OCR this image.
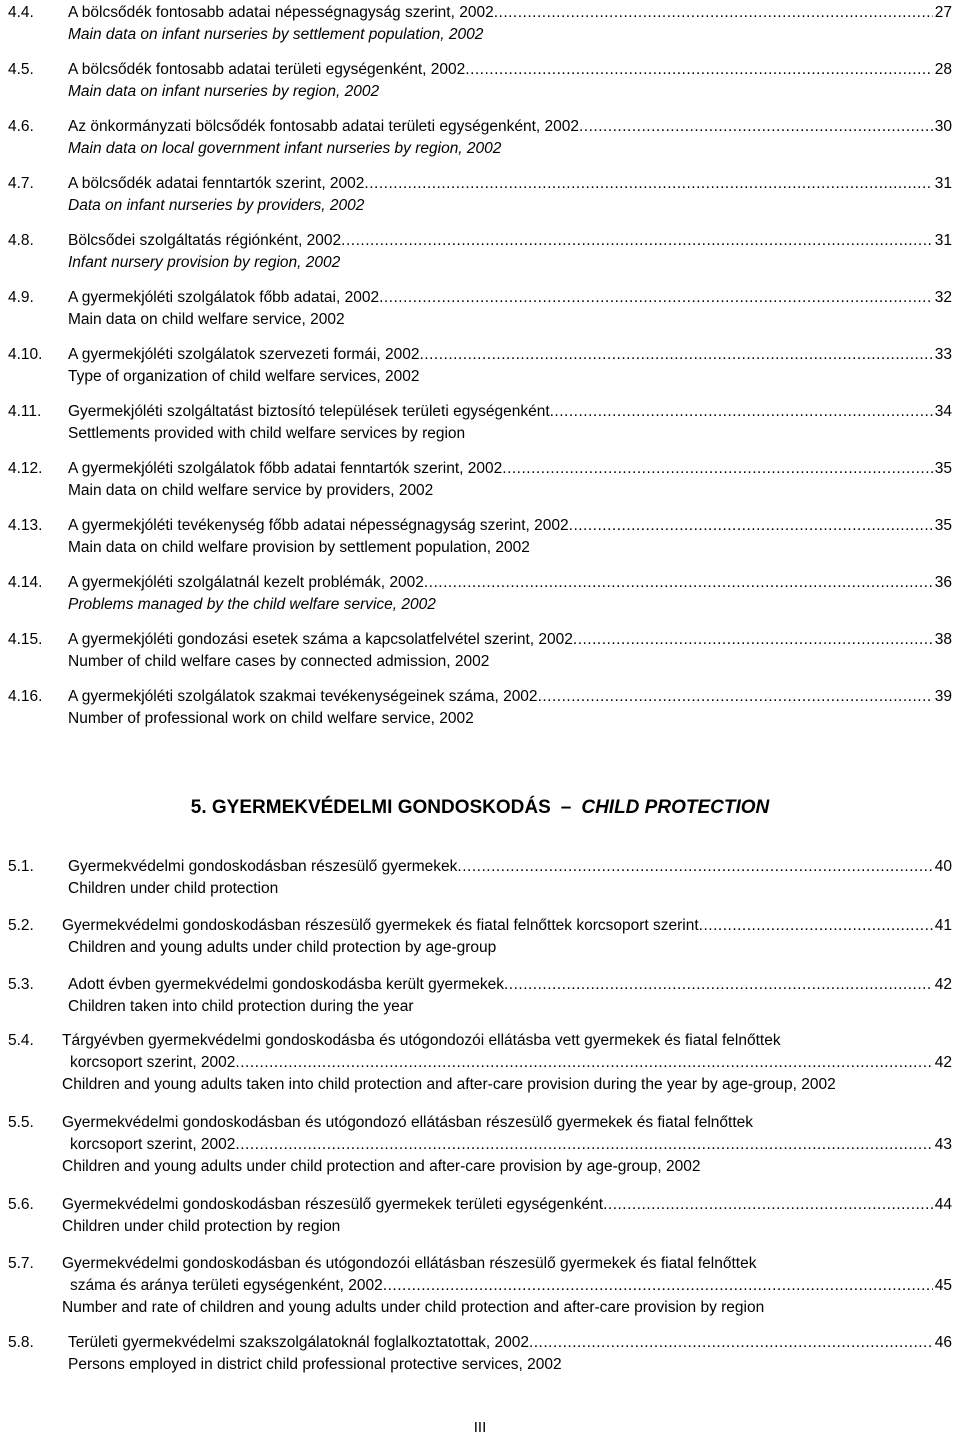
4.4. A bölcsődék fontosabb adatai népességnagyság szerint, 2002 .....	27
Main data on infant nurseries by settlement population, 2002
4.5. A bölcsődék fontosabb adatai területi egységenként, 2002 .....	28
Main data on infant nurseries by region, 2002
4.6. Az önkormányzati bölcsődék fontosabb adatai területi egységenként, 2002 .....	30
Main data on local government infant nurseries by region, 2002
4.7. A bölcsődék adatai fenntartók szerint, 2002 .....	31
Data on infant nurseries by providers, 2002
4.8. Bölcsődei szolgáltatás régiónként, 2002 .....	31
Infant nursery provision by region, 2002
4.9. A gyermekjóléti szolgálatok főbb adatai, 2002 .....	32
Main data on child welfare service, 2002
4.10. A gyermekjóléti szolgálatok szervezeti formái, 2002 .....	33
Type of organization of child welfare services, 2002
4.11. Gyermekjóléti szolgáltatást biztosító települések területi egységenként .....	34
Settlements provided with child welfare services by region
4.12. A gyermekjóléti szolgálatok főbb adatai fenntartók szerint, 2002 .....	35
Main data on child welfare service by providers, 2002
4.13. A gyermekjóléti tevékenység főbb adatai népességnagyság szerint, 2002 .....	35
Main data on child welfare provision by settlement population, 2002
4.14. A gyermekjóléti szolgálatnál kezelt problémák, 2002 .....	36
Problems managed by the child welfare service, 2002
4.15. A gyermekjóléti gondozási esetek száma a kapcsolatfelvétel szerint, 2002 .....	38
Number of child welfare cases by connected admission, 2002
4.16. A gyermekjóléti szolgálatok szakmai tevékenységeinek száma, 2002 .....	39
Number of professional work on child welfare service, 2002
5. GYERMEKVÉDELMI GONDOSKODÁS – CHILD PROTECTION
5.1. Gyermekvédelmi gondoskodásban részesülő gyermekek .....	40
Children under child protection
5.2. Gyermekvédelmi gondoskodásban részesülő gyermekek és fiatal felnőttek korcsoport szerint .....	41
Children and young adults under child protection by age-group
5.3. Adott évben gyermekvédelmi gondoskodásba került gyermekek .....	42
Children taken into child protection during the year
5.4. Tárgyévben gyermekvédelmi gondoskodásba és utógondozói ellátásba vett gyermekek és fiatal felnőttek
korcsoport szerint, 2002 .....	42
Children and young adults taken into child protection and after-care provision during the year by age-group, 2002
5.5. Gyermekvédelmi gondoskodásban és utógondozó ellátásban részesülő gyermekek és fiatal felnőttek
korcsoport szerint, 2002 .....	43
Children and young adults under child protection and after-care provision by age-group, 2002
5.6. Gyermekvédelmi gondoskodásban részesülő gyermekek területi egységenként .....	44
Children under child protection by region
5.7. Gyermekvédelmi gondoskodásban és utógondozói ellátásban részesülő gyermekek és fiatal felnőttek
száma és aránya területi egységenként, 2002 .....	45
Number and rate of children and young adults under child protection and after-care provision by region
5.8. Területi gyermekvédelmi szakszolgálatoknál foglalkoztatottak, 2002 .....	46
Persons employed in district child professional protective services, 2002
III
